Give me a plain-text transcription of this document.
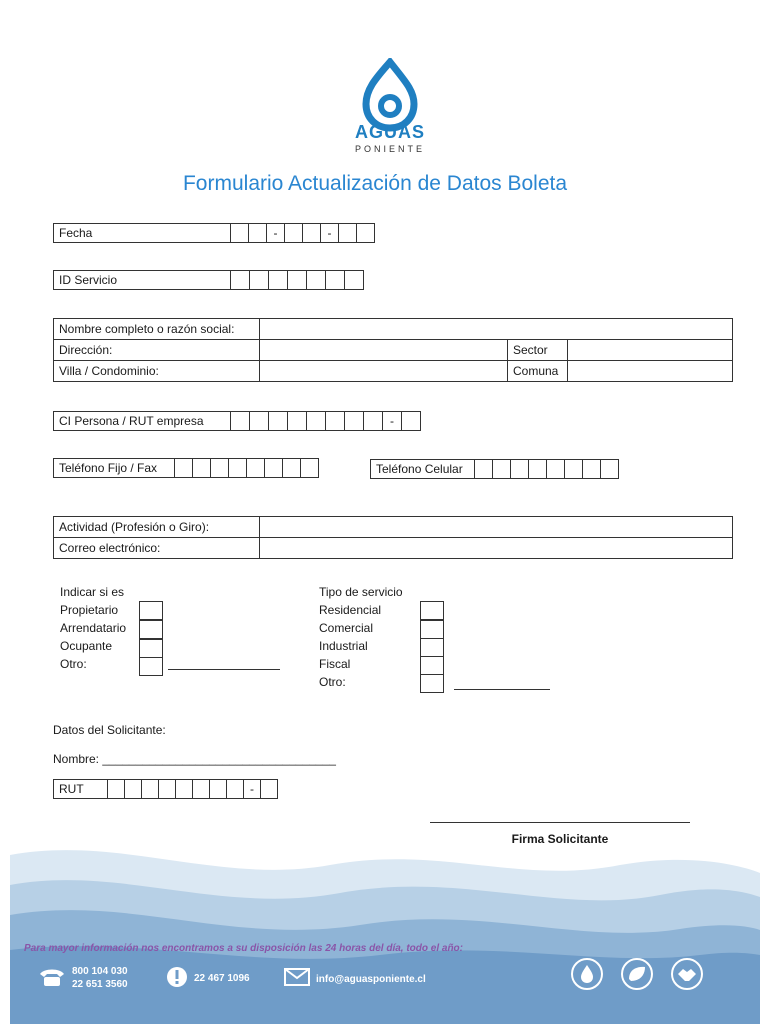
AGUAS
PONIENTE
Formulario Actualización de Datos Boleta
Fecha	-	-
ID Servicio
Nombre completo o razón social:			
Dirección:		Sector	
Villa / Condominio:		Comuna	
CI Persona / RUT empresa	-
Teléfono Fijo / Fax	Teléfono Celular
Actividad (Profesión o Giro):	
Correo electrónico:	
Indicar si es
Propietario
Arrendatario
Ocupante
Otro:
Tipo de servicio
Residencial
Comercial
Industrial
Fiscal
Otro:
Datos del Solicitante:
Nombre: ___________________________________
RUT	-
Firma Solicitante
Para mayor información nos encontramos a su disposición las 24 horas del día, todo el año:
800 104 030
22 651 3560
22 467 1096	info@aguasponiente.cl
